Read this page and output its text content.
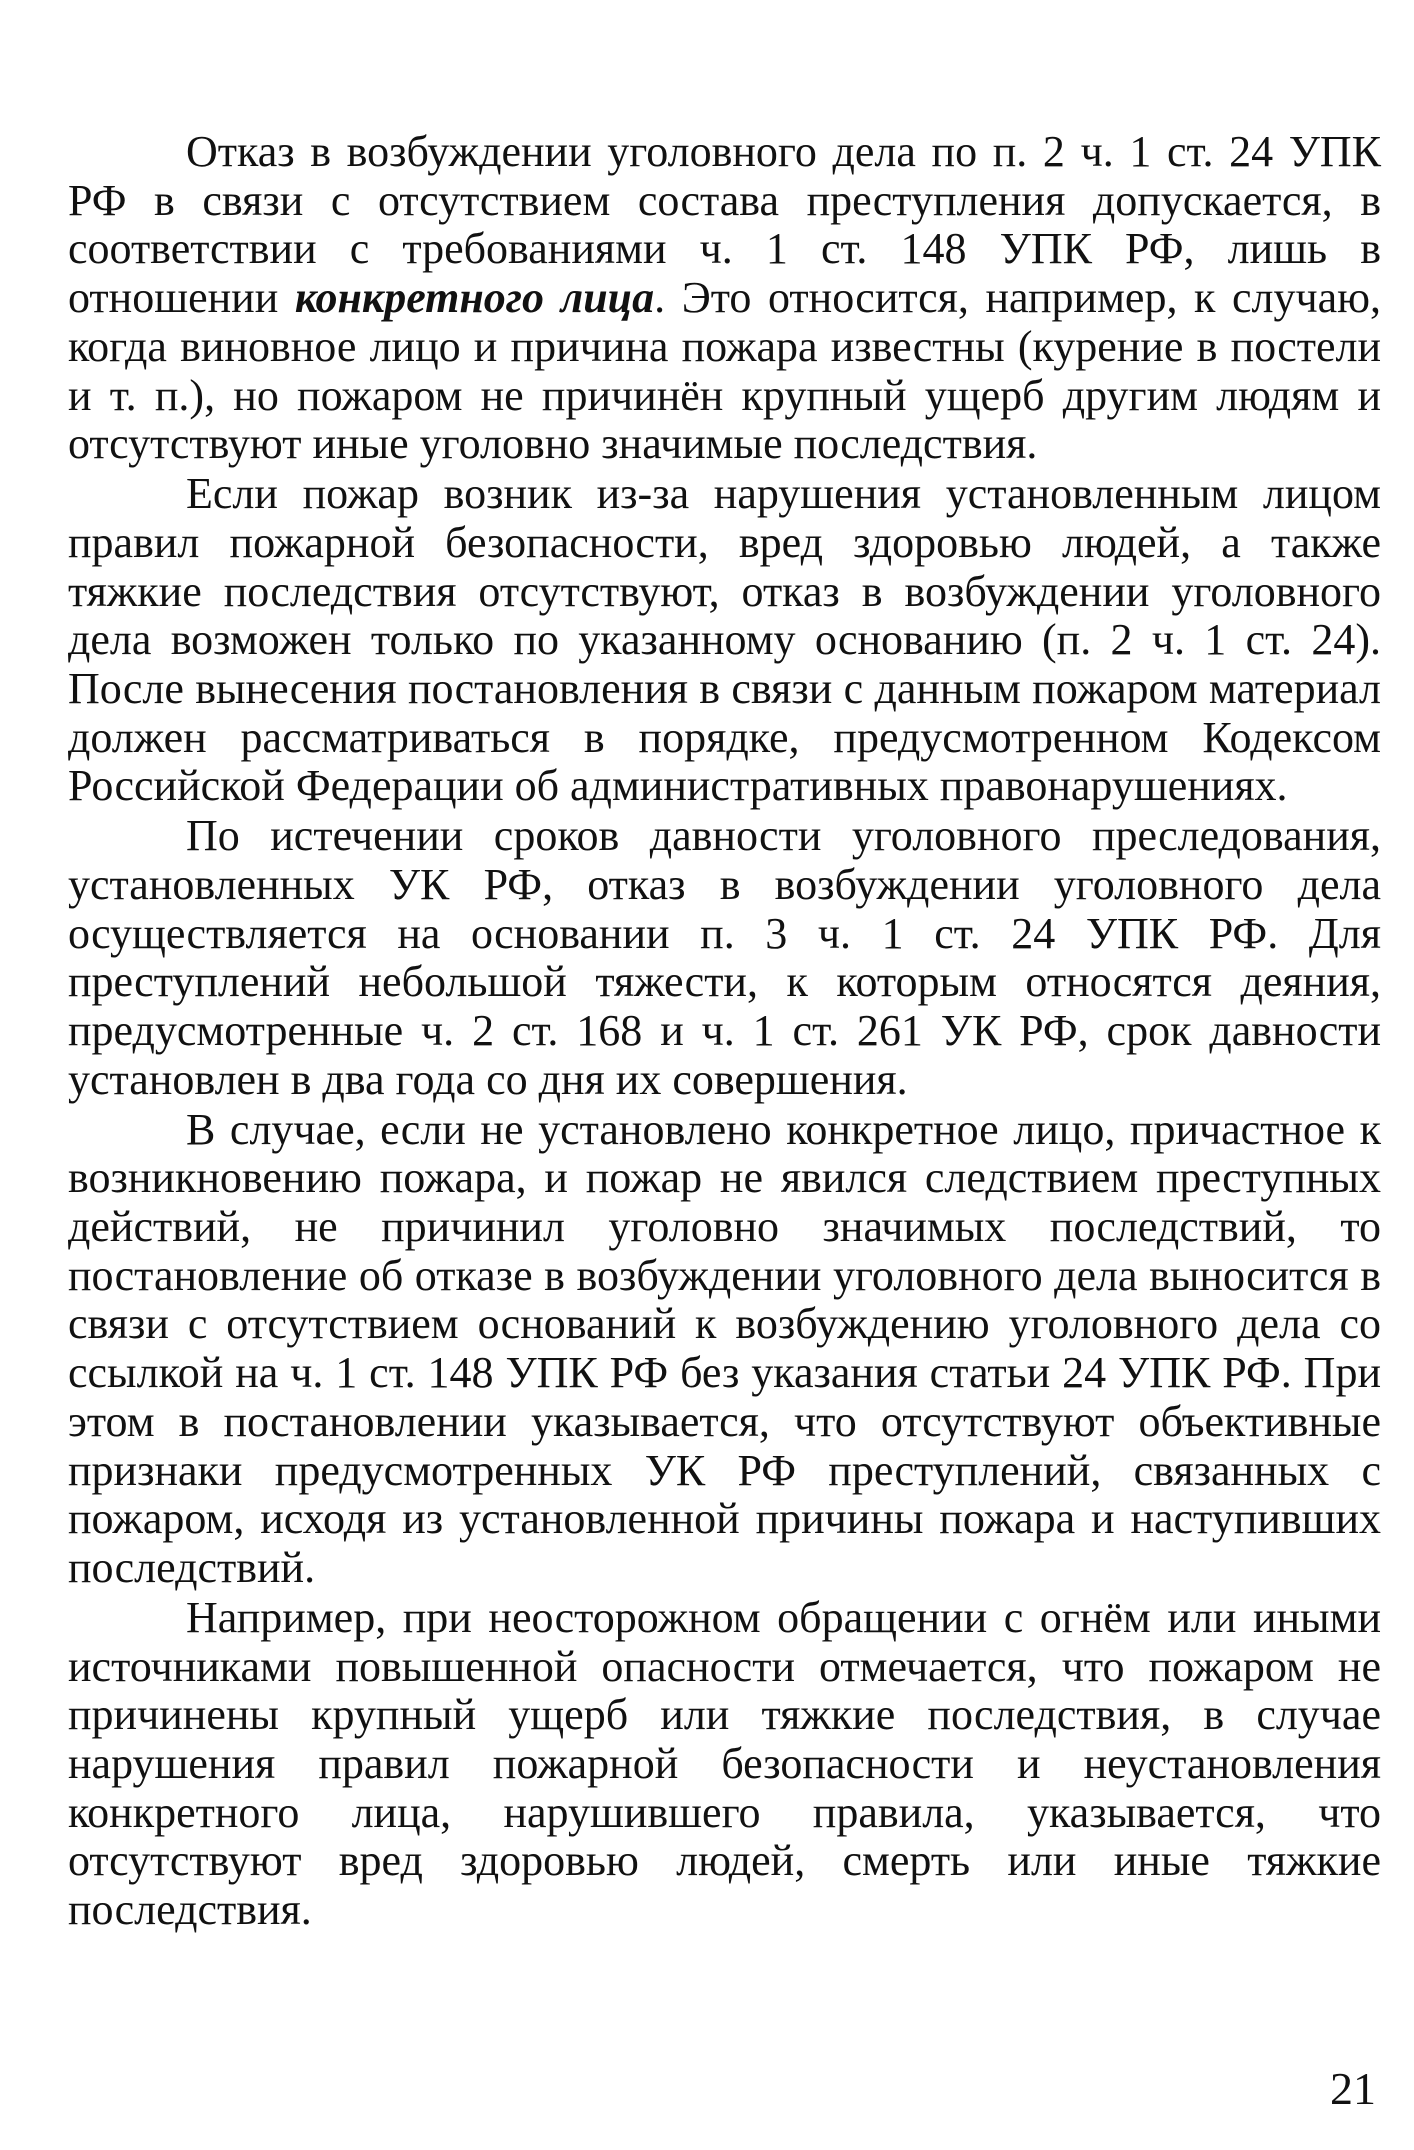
Отказ в возбуждении уголовного дела по п. 2 ч. 1 ст. 24 УПК РФ в связи с отсутствием состава преступления допускается, в соответствии с требованиями ч. 1 ст. 148 УПК РФ, лишь в отношении конкретного лица. Это относится, например, к случаю, когда виновное лицо и причина пожара известны (курение в постели и т. п.), но пожаром не причинён крупный ущерб другим людям и отсутствуют иные уголовно значимые последствия.

Если пожар возник из-за нарушения установленным лицом правил пожарной безопасности, вред здоровью людей, а также тяжкие последствия отсутствуют, отказ в возбуждении уголовного дела возможен только по указанному основанию (п. 2 ч. 1 ст. 24). После вынесения постановления в связи с данным пожаром материал должен рассматриваться в порядке, предусмотренном Кодексом Российской Федерации об административных правонарушениях.

По истечении сроков давности уголовного преследования, установленных УК РФ, отказ в возбуждении уголовного дела осуществляется на основании п. 3 ч. 1 ст. 24 УПК РФ. Для преступлений небольшой тяжести, к которым относятся деяния, предусмотренные ч. 2 ст. 168 и ч. 1 ст. 261 УК РФ, срок давности установлен в два года со дня их совершения.

В случае, если не установлено конкретное лицо, причастное к возникновению пожара, и пожар не явился следствием преступных действий, не причинил уголовно значимых последствий, то постановление об отказе в возбуждении уголовного дела выносится в связи с отсутствием оснований к возбуждению уголовного дела со ссылкой на ч. 1 ст. 148 УПК РФ без указания статьи 24 УПК РФ. При этом в постановлении указывается, что отсутствуют объективные признаки предусмотренных УК РФ преступлений, связанных с пожаром, исходя из установленной причины пожара и наступивших последствий.

Например, при неосторожном обращении с огнём или иными источниками повышенной опасности отмечается, что пожаром не причинены крупный ущерб или тяжкие последствия, в случае нарушения правил пожарной безопасности и неустановления конкретного лица, нарушившего правила, указывается, что отсутствуют вред здоровью людей, смерть или иные тяжкие последствия.

21
